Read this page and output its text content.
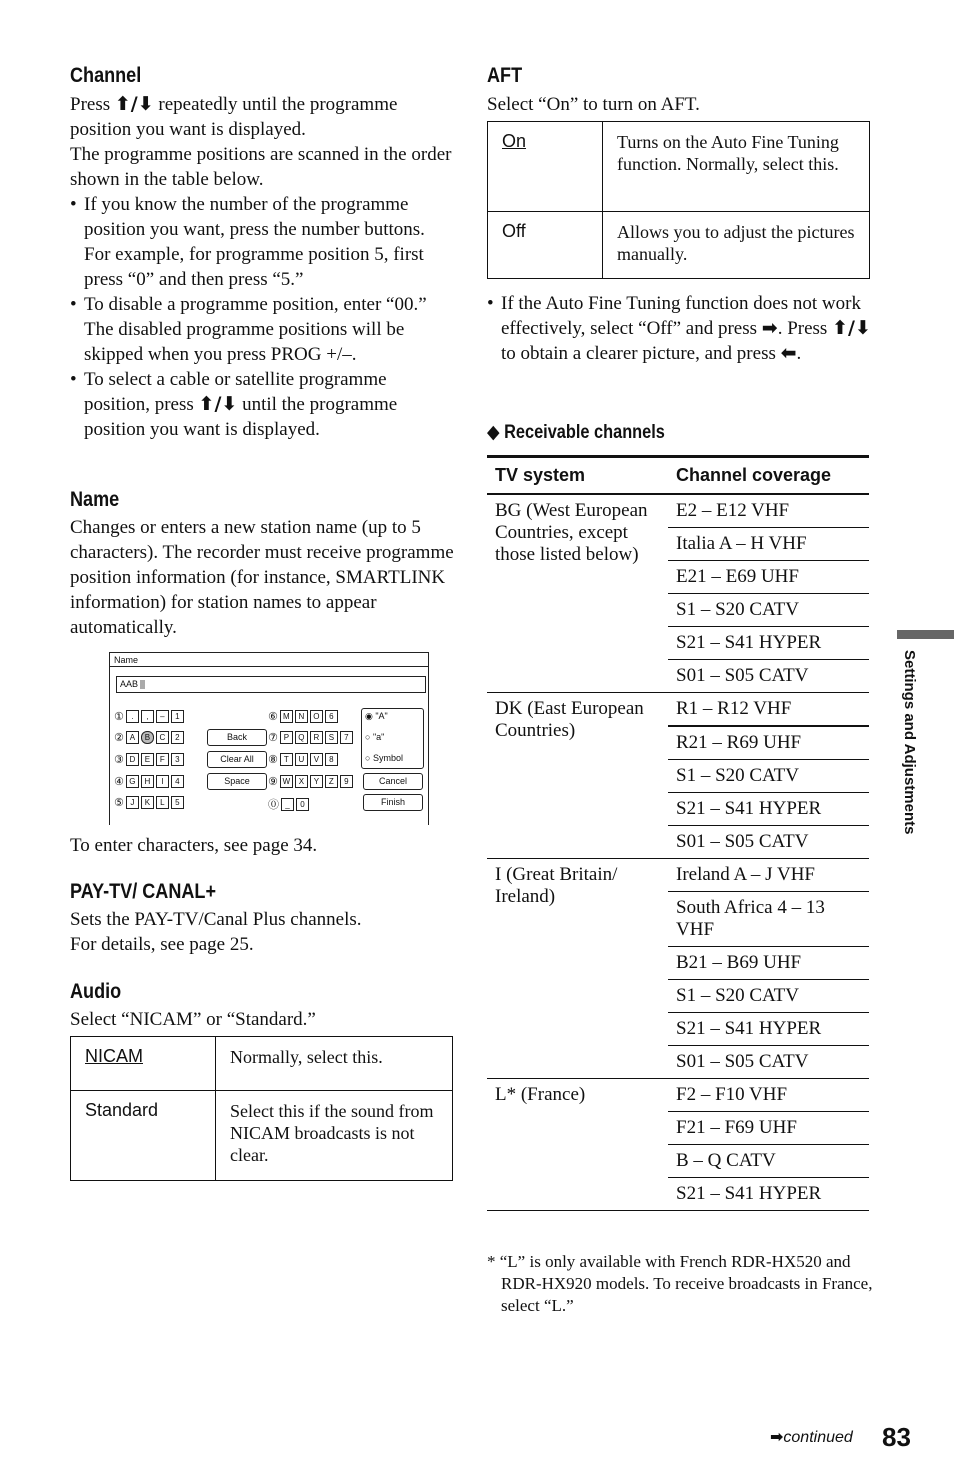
Channel
Press ⬆/⬇ repeatedly until the programme position you want is displayed.
The programme positions are scanned in the order shown in the table below.
• If you know the number of the programme position you want, press the number buttons. For example, for programme position 5, first press “0” and then press “5.”
• To disable a programme position, enter “00.” The disabled programme positions will be skipped when you press PROG +/–.
• To select a cable or satellite programme position, press ⬆/⬇ until the programme position you want is displayed.
Name
Changes or enters a new station name (up to 5 characters). The recorder must receive programme position information (for instance, SMARTLINK information) for station names to appear automatically.
Name
AAB
① . , – 1
② A B C 2
③ D E F 3
④ G H I 4
⑤ J K L 5
Back
Clear All
Space
⑥ M N O 6
⑦ P Q R S 7
⑧ T U V 8
⑨ W X Y Z 9
⓪ _ 0
◉ "A"
○ "a"
○ Symbol
Cancel
Finish
To enter characters, see page 34.
PAY-TV/ CANAL+
Sets the PAY-TV/Canal Plus channels.
For details, see page 25.
Audio
Select “NICAM” or “Standard.”
NICAM	Normally, select this.
Standard	Select this if the sound from NICAM broadcasts is not clear.
AFT
Select “On” to turn on AFT.
On	Turns on the Auto Fine Tuning function. Normally, select this.
Off	Allows you to adjust the pictures manually.
• If the Auto Fine Tuning function does not work effectively, select “Off” and press ➡. Press ⬆/⬇ to obtain a clearer picture, and press ⬅.
◆ Receivable channels
TV system	Channel coverage
BG (West European Countries, except those listed below)	E2 – E12 VHF
	Italia A – H VHF
	E21 – E69 UHF
	S1 – S20 CATV
	S21 – S41 HYPER
	S01 – S05 CATV
DK (East European Countries)	R1 – R12 VHF
	R21 – R69 UHF
	S1 – S20 CATV
	S21 – S41 HYPER
	S01 – S05 CATV
I (Great Britain/ Ireland)	Ireland A – J VHF
	South Africa 4 – 13 VHF
	B21 – B69 UHF
	S1 – S20 CATV
	S21 – S41 HYPER
	S01 – S05 CATV
L* (France)	F2 – F10 VHF
	F21 – F69 UHF
	B – Q CATV
	S21 – S41 HYPER
* “L” is only available with French RDR-HX520 and RDR-HX920 models. To receive broadcasts in France, select “L.”
Settings and Adjustments
➡continued 83
